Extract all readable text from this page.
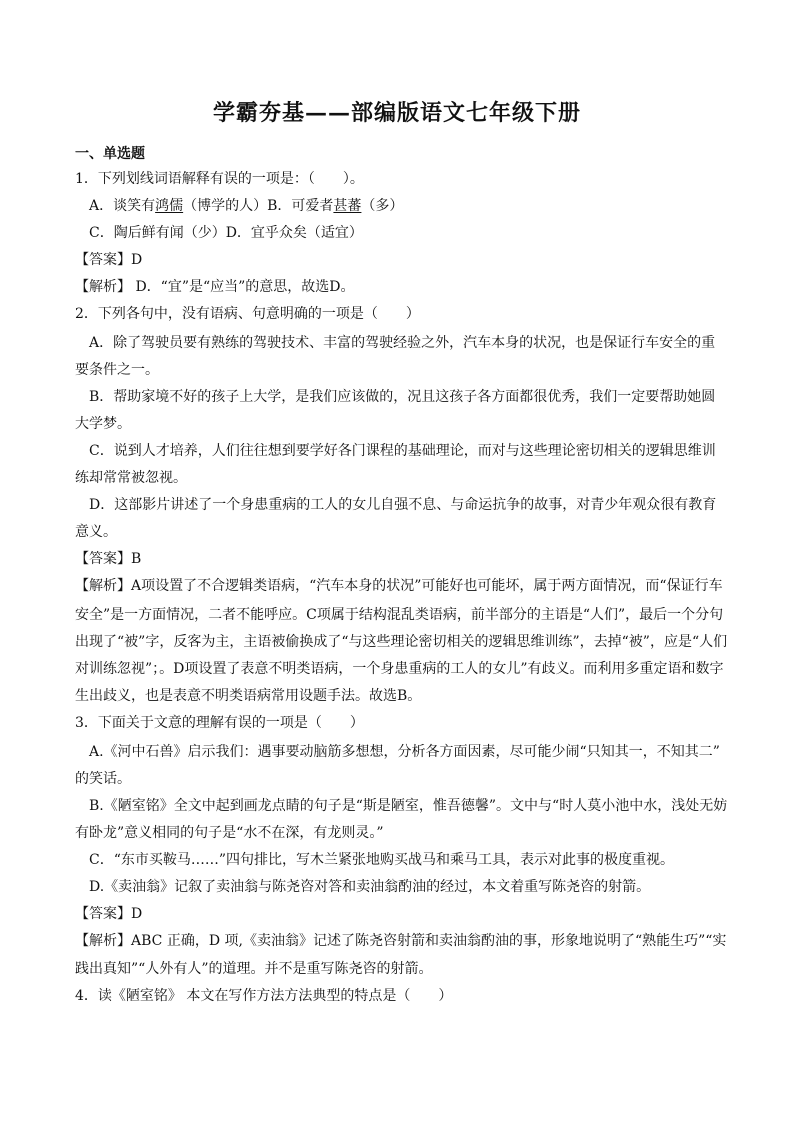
学霸夯基——部编版语文七年级下册
一、单选题
1．下列划线词语解释有误的一项是：（　　）。
A．谈笑有鸿儒（博学的人）B．可爱者甚蕃（多）
C．陶后鲜有闻（少）D．宜乎众矣（适宜）
【答案】D
【解析】 D．“宜”是“应当”的意思，故选D。
2．下列各句中，没有语病、句意明确的一项是（　　）
A．除了驾驶员要有熟练的驾驶技术、丰富的驾驶经验之外，汽车本身的状况，也是保证行车安全的重
要条件之一。
B．帮助家境不好的孩子上大学，是我们应该做的，况且这孩子各方面都很优秀，我们一定要帮助她圆
大学梦。
C．说到人才培养，人们往往想到要学好各门课程的基础理论，而对与这些理论密切相关的逻辑思维训
练却常常被忽视。
D．这部影片讲述了一个身患重病的工人的女儿自强不息、与命运抗争的故事，对青少年观众很有教育
意义。
【答案】B
【解析】A项设置了不合逻辑类语病，“汽车本身的状况”可能好也可能坏，属于两方面情况，而“保证行车
安全”是一方面情况，二者不能呼应。C项属于结构混乱类语病，前半部分的主语是“人们”，最后一个分句
出现了“被”字，反客为主，主语被偷换成了“与这些理论密切相关的逻辑思维训练”，去掉“被”，应是“人们
对训练忽视”；。D项设置了表意不明类语病，一个身患重病的工人的女儿”有歧义。而利用多重定语和数字
生出歧义，也是表意不明类语病常用设题手法。故选B。
3．下面关于文意的理解有误的一项是（　　）
A.《河中石兽》启示我们：遇事要动脑筋多想想，分析各方面因素，尽可能少闹“只知其一，不知其二”
的笑话。
B.《陋室铭》全文中起到画龙点睛的句子是“斯是陋室，惟吾德馨”。文中与“时人莫小池中水，浅处无妨
有卧龙”意义相同的句子是“水不在深，有龙则灵。”
C．“东市买鞍马……”四句排比，写木兰紧张地购买战马和乘马工具，表示对此事的极度重视。
D.《卖油翁》记叙了卖油翁与陈尧咨对答和卖油翁酌油的经过，本文着重写陈尧咨的射箭。
【答案】D
【解析】ABC 正确，D 项,《卖油翁》记述了陈尧咨射箭和卖油翁酌油的事，形象地说明了“熟能生巧”“实
践出真知”“人外有人”的道理。并不是重写陈尧咨的射箭。
4．读《陋室铭》 本文在写作方法方法典型的特点是（　　）
